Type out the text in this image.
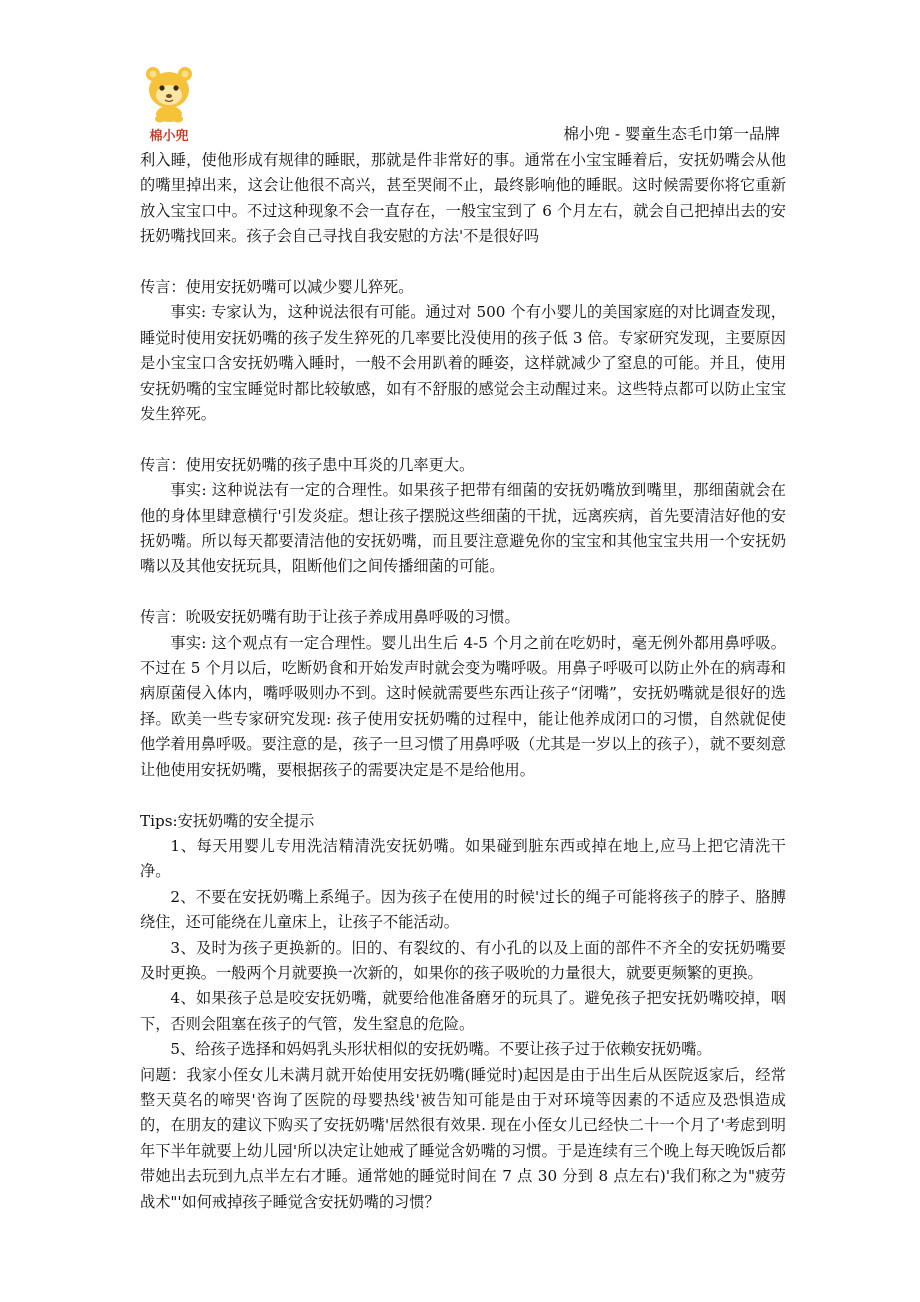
棉小兜	棉小兜 - 婴童生态毛巾第一品牌

利入睡，使他形成有规律的睡眠，那就是件非常好的事。通常在小宝宝睡着后，安抚奶嘴会从他的嘴里掉出来，这会让他很不高兴，甚至哭闹不止，最终影响他的睡眠。这时候需要你将它重新放入宝宝口中。不过这种现象不会一直存在，一般宝宝到了 6 个月左右，就会自己把掉出去的安抚奶嘴找回来。孩子会自己寻找自我安慰的方法'不是很好吗

传言：使用安抚奶嘴可以减少婴儿猝死。

事实: 专家认为，这种说法很有可能。通过对 500 个有小婴儿的美国家庭的对比调查发现，睡觉时使用安抚奶嘴的孩子发生猝死的几率要比没使用的孩子低 3 倍。专家研究发现，主要原因是小宝宝口含安抚奶嘴入睡时，一般不会用趴着的睡姿，这样就减少了窒息的可能。并且，使用安抚奶嘴的宝宝睡觉时都比较敏感，如有不舒服的感觉会主动醒过来。这些特点都可以防止宝宝发生猝死。

传言：使用安抚奶嘴的孩子患中耳炎的几率更大。

事实: 这种说法有一定的合理性。如果孩子把带有细菌的安抚奶嘴放到嘴里，那细菌就会在他的身体里肆意横行'引发炎症。想让孩子摆脱这些细菌的干扰，远离疾病，首先要清洁好他的安抚奶嘴。所以每天都要清洁他的安抚奶嘴，而且要注意避免你的宝宝和其他宝宝共用一个安抚奶嘴以及其他安抚玩具，阻断他们之间传播细菌的可能。

传言：吮吸安抚奶嘴有助于让孩子养成用鼻呼吸的习惯。

事实: 这个观点有一定合理性。婴儿出生后 4-5 个月之前在吃奶时，毫无例外都用鼻呼吸。不过在 5 个月以后，吃断奶食和开始发声时就会变为嘴呼吸。用鼻子呼吸可以防止外在的病毒和病原菌侵入体内，嘴呼吸则办不到。这时候就需要些东西让孩子“闭嘴”，安抚奶嘴就是很好的选择。欧美一些专家研究发现: 孩子使用安抚奶嘴的过程中，能让他养成闭口的习惯，自然就促使他学着用鼻呼吸。要注意的是，孩子一旦习惯了用鼻呼吸（尤其是一岁以上的孩子），就不要刻意让他使用安抚奶嘴，要根据孩子的需要决定是不是给他用。

Tips:安抚奶嘴的安全提示

1、每天用婴儿专用洗洁精清洗安抚奶嘴。如果碰到脏东西或掉在地上,应马上把它清洗干净。

2、不要在安抚奶嘴上系绳子。因为孩子在使用的时候'过长的绳子可能将孩子的脖子、胳膊绕住，还可能绕在儿童床上，让孩子不能活动。

3、及时为孩子更换新的。旧的、有裂纹的、有小孔的以及上面的部件不齐全的安抚奶嘴要及时更换。一般两个月就要换一次新的，如果你的孩子吸吮的力量很大，就要更频繁的更换。

4、如果孩子总是咬安抚奶嘴，就要给他准备磨牙的玩具了。避免孩子把安抚奶嘴咬掉，咽下，否则会阻塞在孩子的气管，发生窒息的危险。

5、给孩子选择和妈妈乳头形状相似的安抚奶嘴。不要让孩子过于依赖安抚奶嘴。

问题：我家小侄女儿未满月就开始使用安抚奶嘴(睡觉时)起因是由于出生后从医院返家后，经常整天莫名的啼哭'咨询了医院的母婴热线'被告知可能是由于对环境等因素的不适应及恐惧造成的，在朋友的建议下购买了安抚奶嘴'居然很有效果. 现在小侄女儿已经快二十一个月了'考虑到明年下半年就要上幼儿园'所以决定让她戒了睡觉含奶嘴的习惯。于是连续有三个晚上每天晚饭后都带她出去玩到九点半左右才睡。通常她的睡觉时间在 7 点 30 分到 8 点左右)'我们称之为"疲劳战术"'如何戒掉孩子睡觉含安抚奶嘴的习惯？
